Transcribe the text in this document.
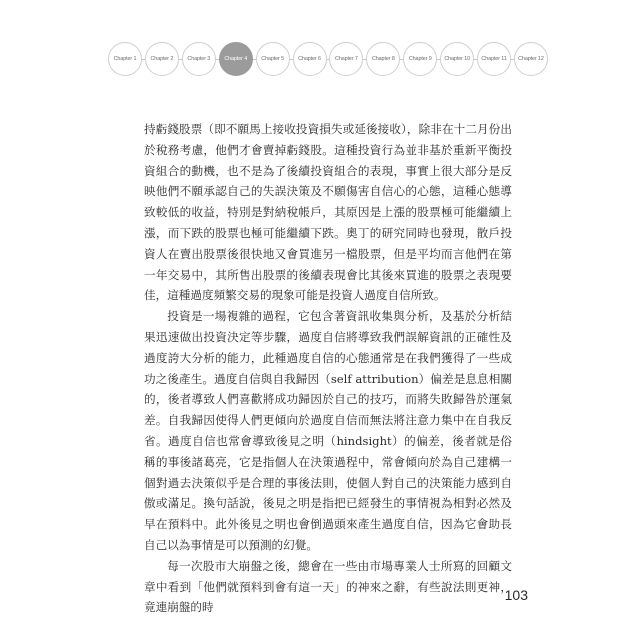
Chapter 1	Chapter 2	Chapter 3	Chapter 4	Chapter 5	Chapter 6	Chapter 7	Chapter 8	Chapter 9 Chapter 10 Chapter 11 Chapter 12

持虧錢股票（即不願馬上接收投資損失或延後接收），除非在十二月份出於稅務考慮，他們才會賣掉虧錢股。這種投資行為並非基於重新平衡投資組合的動機，也不是為了後續投資組合的表現，事實上很大部分是反映他們不願承認自己的失誤決策及不願傷害自信心的心態，這種心態導致較低的收益，特別是對納稅帳戶，其原因是上漲的股票極可能繼續上漲，而下跌的股票也極可能繼續下跌。奧丁的研究同時也發現，散戶投資人在賣出股票後很快地又會買進另一檔股票，但是平均而言他們在第一年交易中，其所售出股票的後續表現會比其後來買進的股票之表現要佳，這種過度頻繁交易的現象可能是投資人過度自信所致。

投資是一場複雜的過程，它包含著資訊收集與分析，及基於分析結果迅速做出投資決定等步驟，過度自信將導致我們誤解資訊的正確性及過度誇大分析的能力，此種過度自信的心態通常是在我們獲得了一些成功之後產生。過度自信與自我歸因（self attribution）偏差是息息相關的，後者導致人們喜歡將成功歸因於自己的技巧，而將失敗歸咎於運氣差。自我歸因使得人們更傾向於過度自信而無法將注意力集中在自我反省。過度自信也常會導致後見之明（hindsight）的偏差，後者就是俗稱的事後諸葛亮，它是指個人在決策過程中，常會傾向於為自己建構一個對過去決策似乎是合理的事後法則，使個人對自己的決策能力感到自傲或滿足。換句話說，後見之明是指把已經發生的事情視為相對必然及早在預料中。此外後見之明也會倒過頭來產生過度自信，因為它會助長自己以為事情是可以預測的幻覺。

每一次股市大崩盤之後，總會在一些由市場專業人士所寫的回顧文章中看到「他們就預料到會有這一天」的神來之辭，有些說法則更神，竟連崩盤的時

103
